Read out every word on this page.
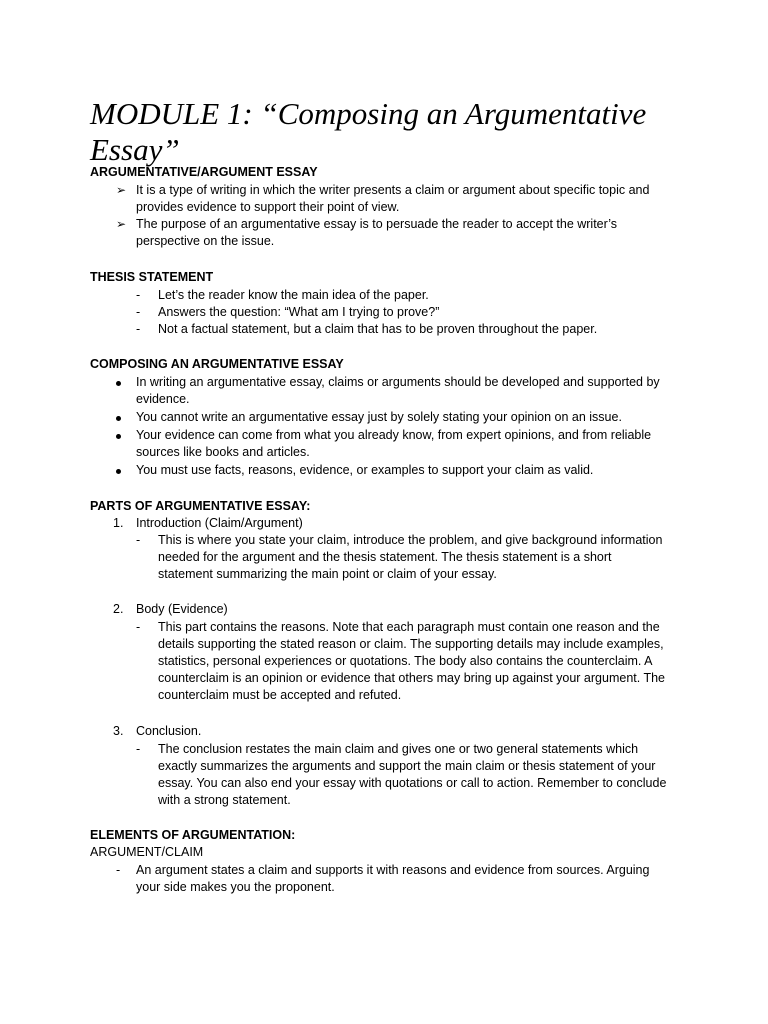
MODULE 1: “Composing an Argumentative Essay”
ARGUMENTATIVE/ARGUMENT ESSAY
➢ It is a type of writing in which the writer presents a claim or argument about specific topic and
provides evidence to support their point of view.
➢ The purpose of an argumentative essay is to persuade the reader to accept the writer’s
perspective on the issue.
THESIS STATEMENT
- Let’s the reader know the main idea of the paper.
- Answers the question: “What am I trying to prove?”
- Not a factual statement, but a claim that has to be proven throughout the paper.
COMPOSING AN ARGUMENTATIVE ESSAY
In writing an argumentative essay, claims or arguments should be developed and supported by
evidence.
You cannot write an argumentative essay just by solely stating your opinion on an issue.
Your evidence can come from what you already know, from expert opinions, and from reliable
sources like books and articles.
You must use facts, reasons, evidence, or examples to support your claim as valid.
PARTS OF ARGUMENTATIVE ESSAY:
1. Introduction (Claim/Argument)
- This is where you state your claim, introduce the problem, and give background information
needed for the argument and the thesis statement. The thesis statement is a short
statement summarizing the main point or claim of your essay.
2. Body (Evidence)
- This part contains the reasons. Note that each paragraph must contain one reason and the
details supporting the stated reason or claim. The supporting details may include examples,
statistics, personal experiences or quotations. The body also contains the counterclaim. A
counterclaim is an opinion or evidence that others may bring up against your argument. The
counterclaim must be accepted and refuted.
3. Conclusion.
- The conclusion restates the main claim and gives one or two general statements which
exactly summarizes the arguments and support the main claim or thesis statement of your
essay. You can also end your essay with quotations or call to action. Remember to conclude
with a strong statement.
ELEMENTS OF ARGUMENTATION:
ARGUMENT/CLAIM
- An argument states a claim and supports it with reasons and evidence from sources. Arguing
your side makes you the proponent.
